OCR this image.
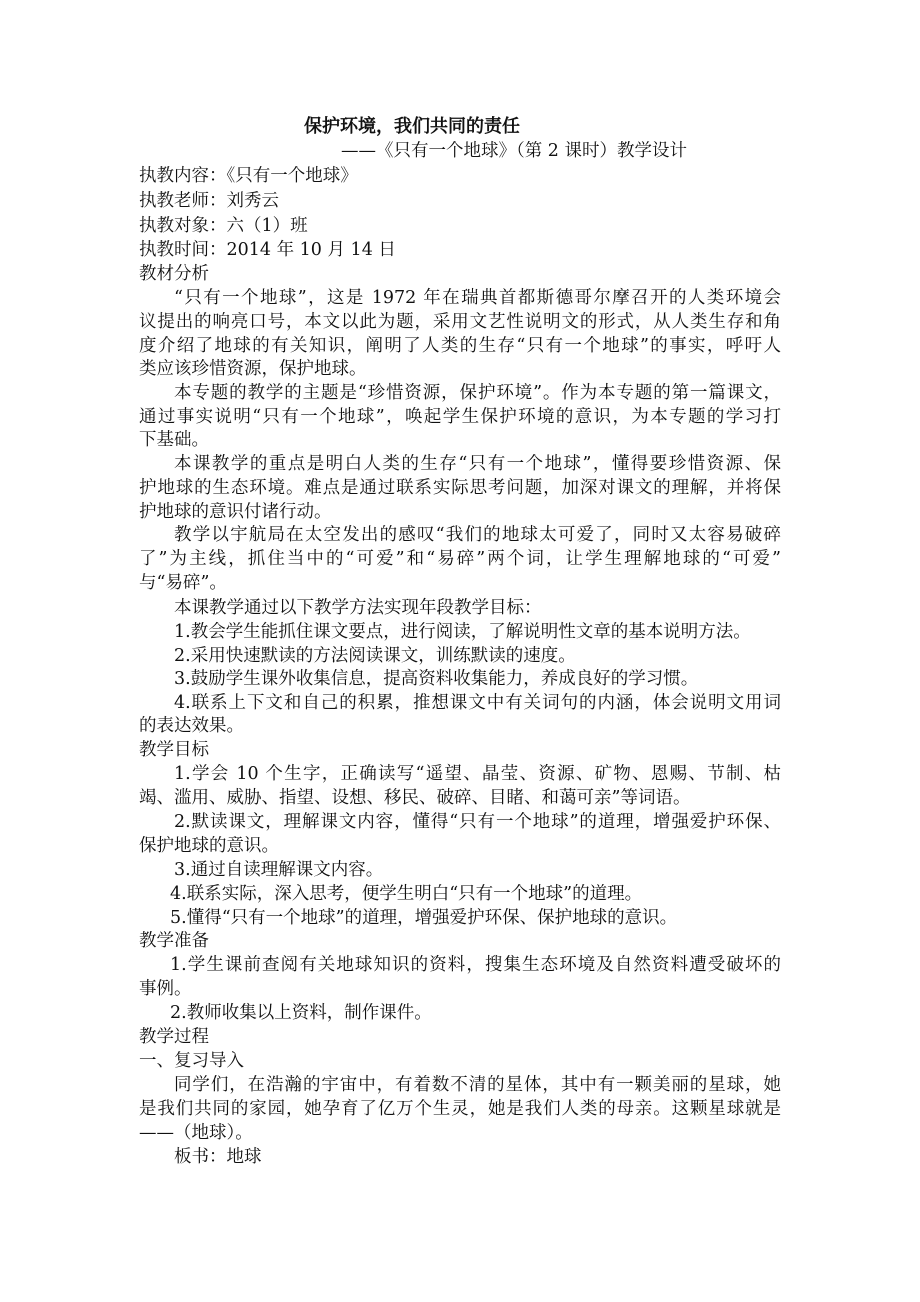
保护环境，我们共同的责任
——《只有一个地球》（第 2 课时）教学设计
执教内容：《只有一个地球》
执教老师：刘秀云
执教对象：六（1）班
执教时间：2014 年 10 月 14 日
教材分析
“只有一个地球”，这是 1972 年在瑞典首都斯德哥尔摩召开的人类环境会
议提出的响亮口号，本文以此为题，采用文艺性说明文的形式，从人类生存和角
度介绍了地球的有关知识，阐明了人类的生存“只有一个地球”的事实，呼吁人
类应该珍惜资源，保护地球。
本专题的教学的主题是“珍惜资源，保护环境”。作为本专题的第一篇课文，
通过事实说明“只有一个地球”，唤起学生保护环境的意识，为本专题的学习打
下基础。
本课教学的重点是明白人类的生存“只有一个地球”，懂得要珍惜资源、保
护地球的生态环境。难点是通过联系实际思考问题，加深对课文的理解，并将保
护地球的意识付诸行动。
教学以宇航局在太空发出的感叹“我们的地球太可爱了，同时又太容易破碎
了”为主线，抓住当中的“可爱”和“易碎”两个词，让学生理解地球的“可爱”
与“易碎”。
本课教学通过以下教学方法实现年段教学目标：
1.教会学生能抓住课文要点，进行阅读，了解说明性文章的基本说明方法。
2.采用快速默读的方法阅读课文，训练默读的速度。
3.鼓励学生课外收集信息，提高资料收集能力，养成良好的学习惯。
4.联系上下文和自己的积累，推想课文中有关词句的内涵，体会说明文用词
的表达效果。
教学目标
1.学会 10 个生字，正确读写“遥望、晶莹、资源、矿物、恩赐、节制、枯
竭、滥用、威胁、指望、设想、移民、破碎、目睹、和蔼可亲”等词语。
2.默读课文，理解课文内容，懂得“只有一个地球”的道理，增强爱护环保、
保护地球的意识。
3.通过自读理解课文内容。
4.联系实际，深入思考，便学生明白“只有一个地球”的道理。
5.懂得“只有一个地球”的道理，增强爱护环保、保护地球的意识。
教学准备
1.学生课前查阅有关地球知识的资料，搜集生态环境及自然资料遭受破坏的
事例。
2.教师收集以上资料，制作课件。
教学过程
一、复习导入
同学们，在浩瀚的宇宙中，有着数不清的星体，其中有一颗美丽的星球，她
是我们共同的家园，她孕育了亿万个生灵，她是我们人类的母亲。这颗星球就是
——（地球）。
板书：地球
